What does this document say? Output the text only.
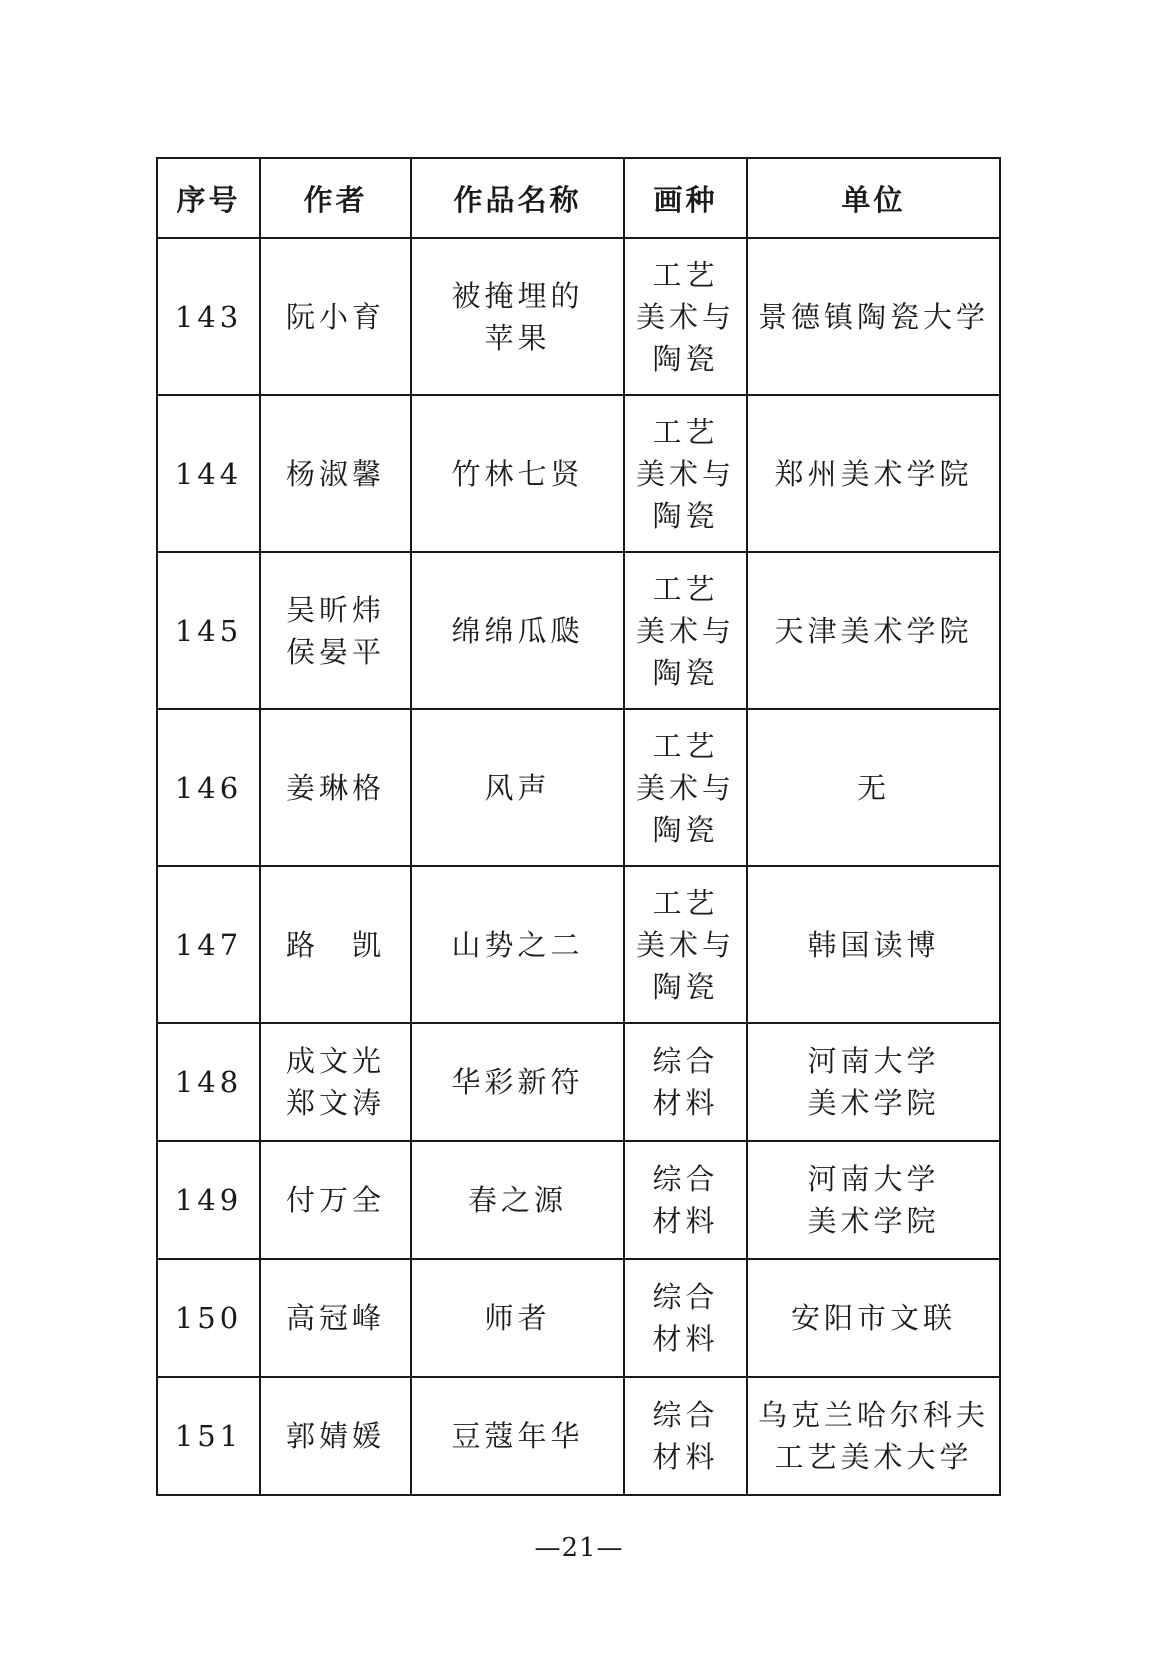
序号	作者	作品名称	画种	单位
143	阮小育	被掩埋的
苹果	工艺
美术与
陶瓷	景德镇陶瓷大学

144	杨淑馨	竹林七贤	工艺
美术与
陶瓷	郑州美术学院

145	吴昕炜
侯晏平	绵绵瓜瓞	工艺
美术与
陶瓷	天津美术学院

146	姜琳格	风声	工艺
美术与
陶瓷	无

147	路　凯	山势之二	工艺
美术与
陶瓷	韩国读博

148	成文光
郑文涛	华彩新符	综合
材料	河南大学
美术学院

149	付万全	春之源	综合
材料	河南大学
美术学院

150	高冠峰	师者	综合
材料	安阳市文联

151	郭婧媛	豆蔻年华	综合
材料	乌克兰哈尔科夫
工艺美术大学
—21—
